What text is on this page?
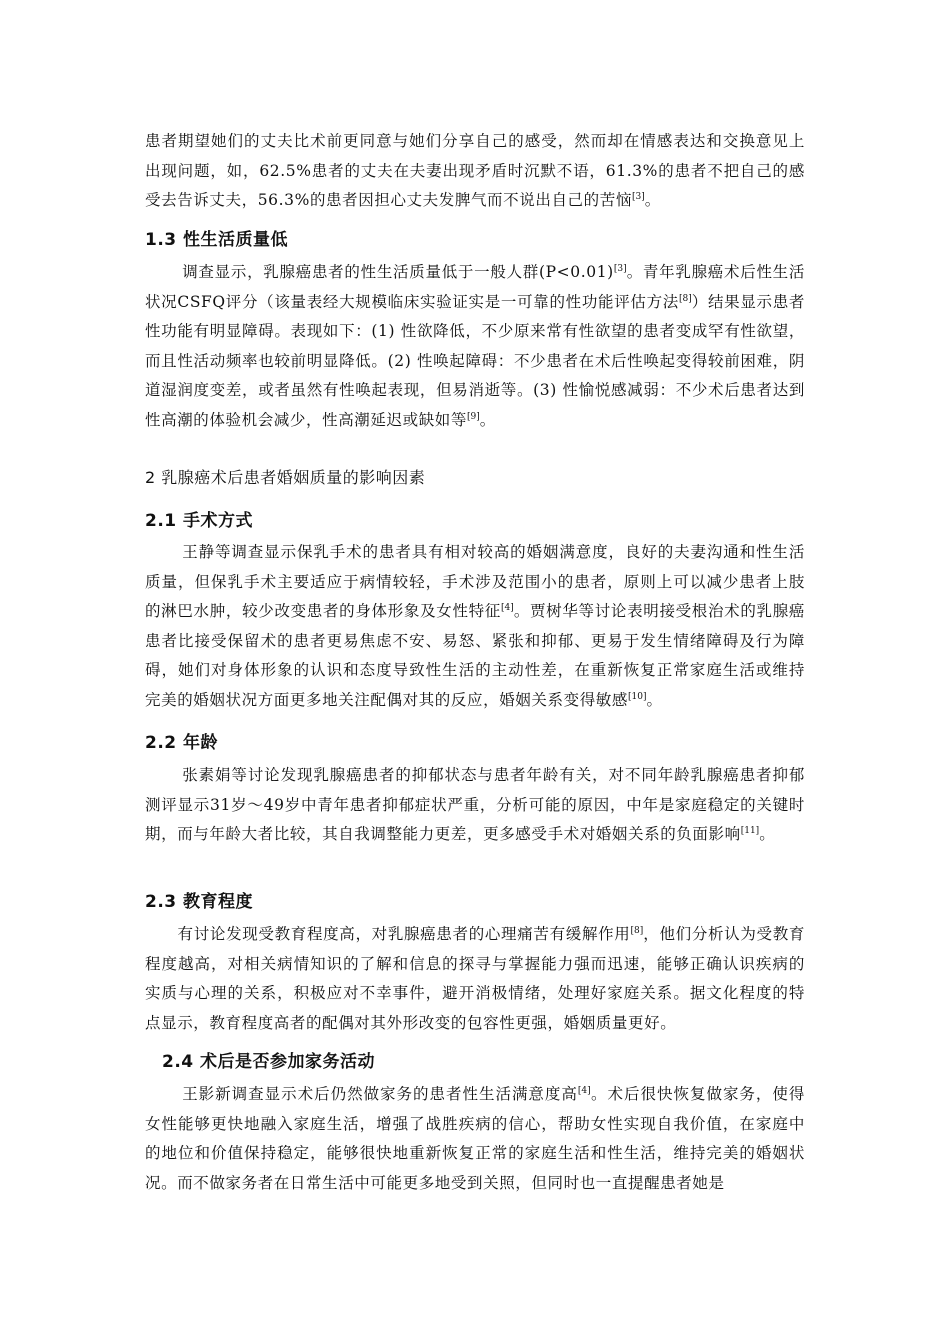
患者期望她们的丈夫比术前更同意与她们分享自己的感受，然而却在情感表达和交换意见上出现问题，如，62.5%患者的丈夫在夫妻出现矛盾时沉默不语，61.3%的患者不把自己的感受去告诉丈夫，56.3%的患者因担心丈夫发脾气而不说出自己的苦恼[3]。

1.3 性生活质量低

调查显示，乳腺癌患者的性生活质量低于一般人群(P<0.01)[3]。青年乳腺癌术后性生活状况CSFQ评分（该量表经大规模临床实验证实是一可靠的性功能评估方法[8]）结果显示患者性功能有明显障碍。表现如下：(1) 性欲降低，不少原来常有性欲望的患者变成罕有性欲望，而且性活动频率也较前明显降低。(2) 性唤起障碍：不少患者在术后性唤起变得较前困难，阴道湿润度变差，或者虽然有性唤起表现，但易消逝等。(3) 性愉悦感减弱：不少术后患者达到性高潮的体验机会减少，性高潮延迟或缺如等[9]。

2 乳腺癌术后患者婚姻质量的影响因素
2.1 手术方式

王静等调查显示保乳手术的患者具有相对较高的婚姻满意度，良好的夫妻沟通和性生活质量，但保乳手术主要适应于病情较轻，手术涉及范围小的患者，原则上可以减少患者上肢的淋巴水肿，较少改变患者的身体形象及女性特征[4]。贾树华等讨论表明接受根治术的乳腺癌患者比接受保留术的患者更易焦虑不安、易怒、紧张和抑郁、更易于发生情绪障碍及行为障碍，她们对身体形象的认识和态度导致性生活的主动性差，在重新恢复正常家庭生活或维持完美的婚姻状况方面更多地关注配偶对其的反应，婚姻关系变得敏感[10]。

2.2 年龄

张素娟等讨论发现乳腺癌患者的抑郁状态与患者年龄有关，对不同年龄乳腺癌患者抑郁测评显示31岁～49岁中青年患者抑郁症状严重，分析可能的原因，中年是家庭稳定的关键时期，而与年龄大者比较，其自我调整能力更差，更多感受手术对婚姻关系的负面影响[11]。

2.3 教育程度

有讨论发现受教育程度高，对乳腺癌患者的心理痛苦有缓解作用[8]，他们分析认为受教育程度越高，对相关病情知识的了解和信息的探寻与掌握能力强而迅速，能够正确认识疾病的实质与心理的关系，积极应对不幸事件，避开消极情绪，处理好家庭关系。据文化程度的特点显示，教育程度高者的配偶对其外形改变的包容性更强，婚姻质量更好。

2.4 术后是否参加家务活动

王影新调查显示术后仍然做家务的患者性生活满意度高[4]。术后很快恢复做家务，使得女性能够更快地融入家庭生活，增强了战胜疾病的信心，帮助女性实现自我价值，在家庭中的地位和价值保持稳定，能够很快地重新恢复正常的家庭生活和性生活，维持完美的婚姻状况。而不做家务者在日常生活中可能更多地受到关照，但同时也一直提醒患者她是
